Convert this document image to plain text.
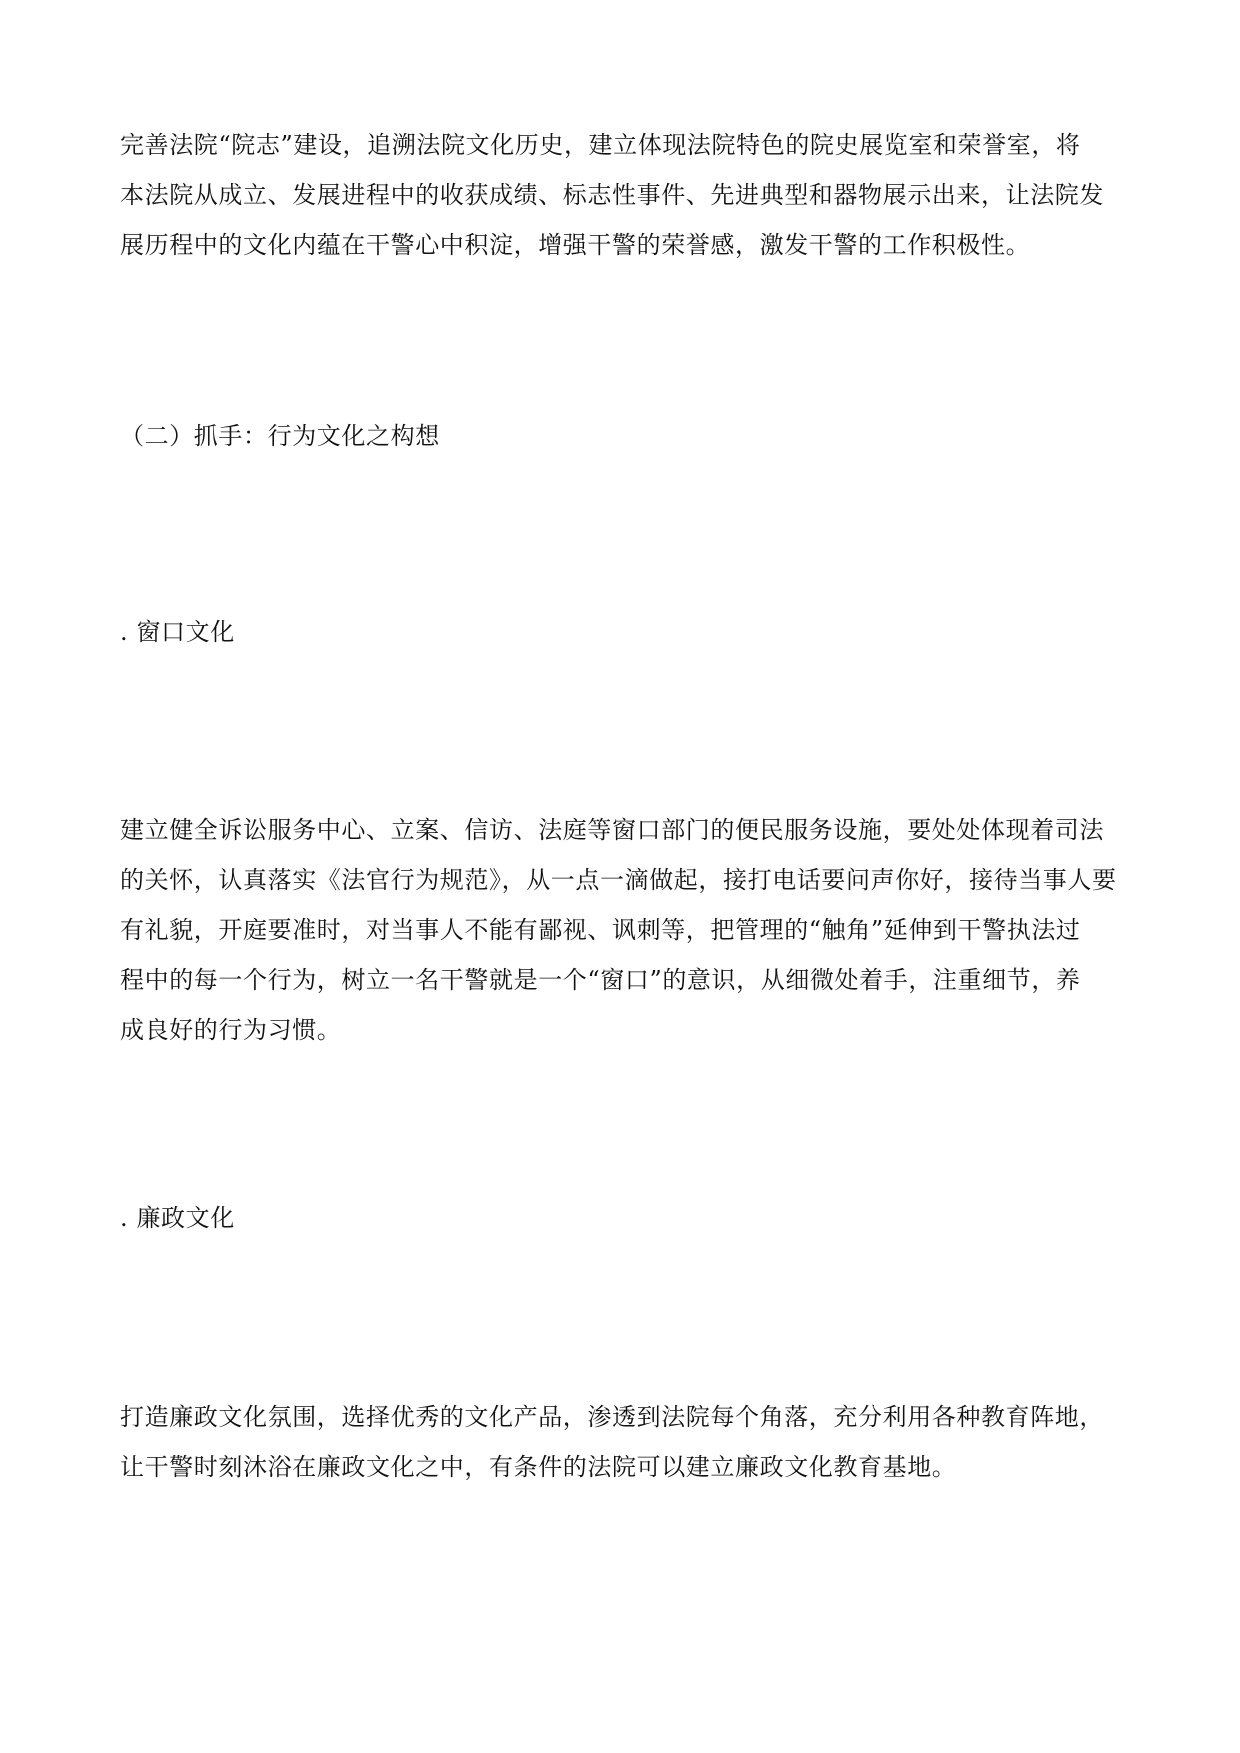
完善法院“院志”建设，追溯法院文化历史，建立体现法院特色的院史展览室和荣誉室，将
本法院从成立、发展进程中的收获成绩、标志性事件、先进典型和器物展示出来，让法院发
展历程中的文化内蕴在干警心中积淀，增强干警的荣誉感，激发干警的工作积极性。

（二）抓手：行为文化之构想
. 窗口文化

建立健全诉讼服务中心、立案、信访、法庭等窗口部门的便民服务设施，要处处体现着司法
的关怀，认真落实《法官行为规范》，从一点一滴做起，接打电话要问声你好，接待当事人要
有礼貌，开庭要准时，对当事人不能有鄙视、讽刺等，把管理的“触角”延伸到干警执法过
程中的每一个行为，树立一名干警就是一个“窗口”的意识，从细微处着手，注重细节，养
成良好的行为习惯。

. 廉政文化

打造廉政文化氛围，选择优秀的文化产品，渗透到法院每个角落，充分利用各种教育阵地，
让干警时刻沐浴在廉政文化之中，有条件的法院可以建立廉政文化教育基地。
